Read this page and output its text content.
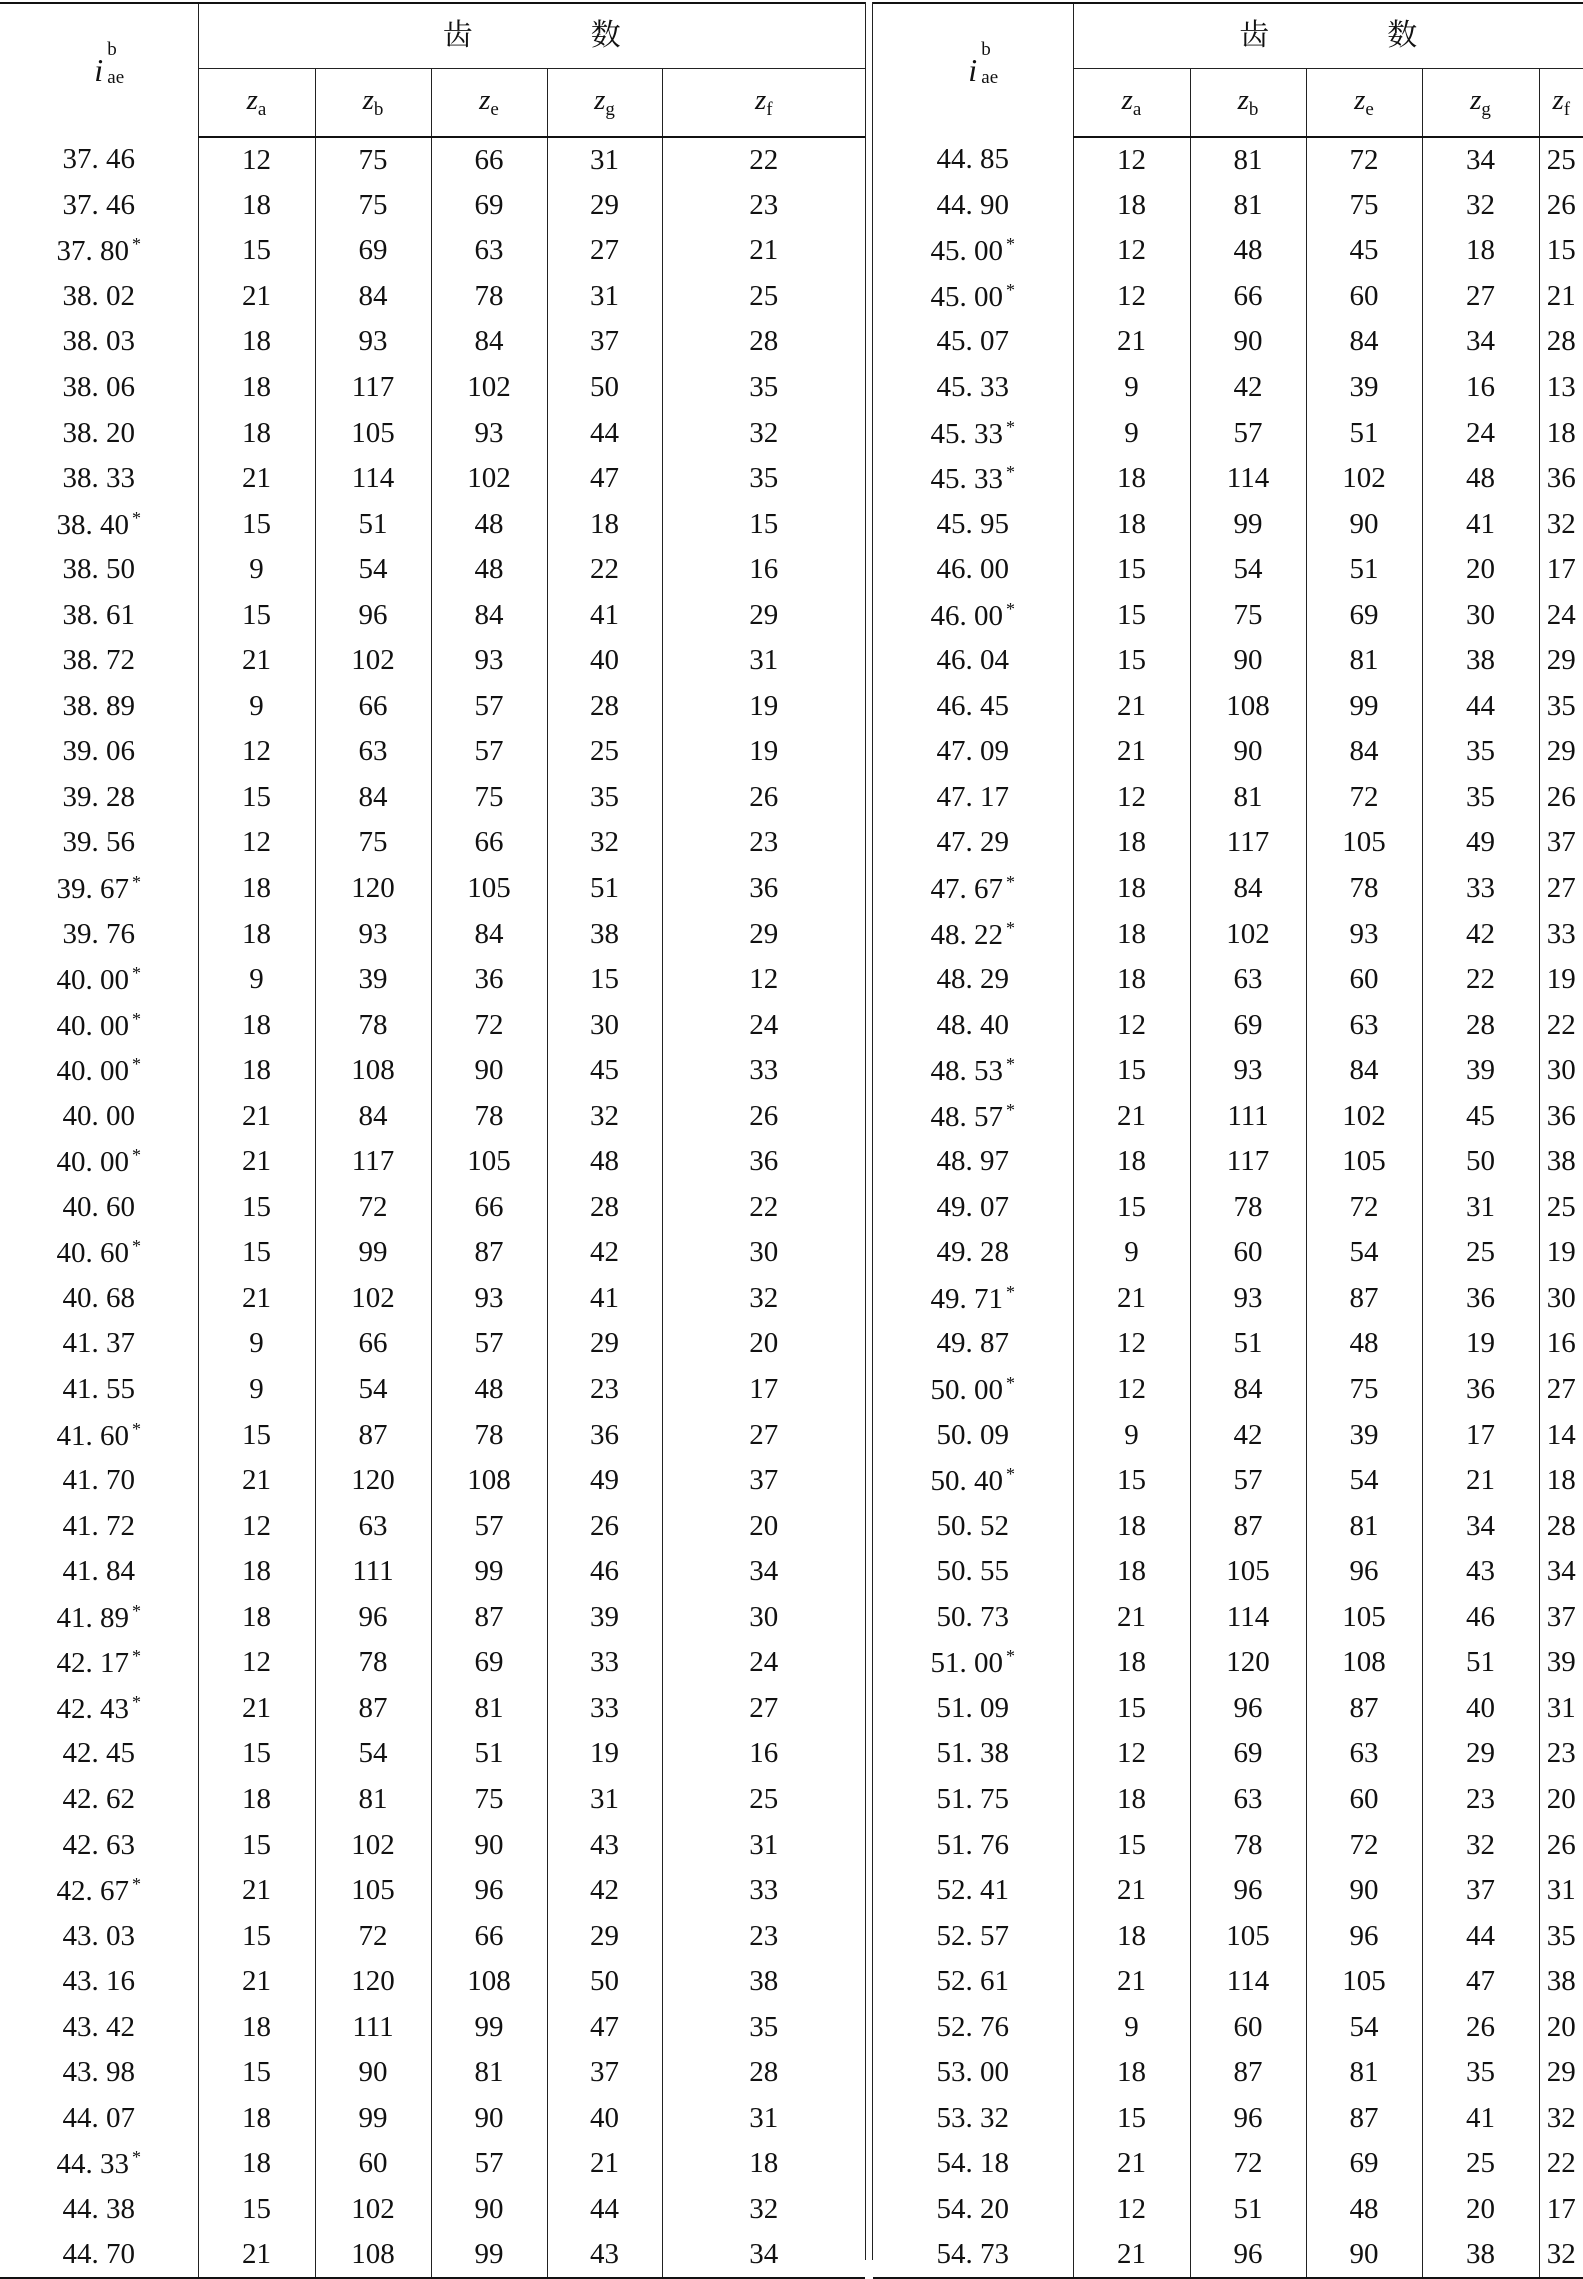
i
b
ae	齿　数				
	$z_a$	$z_b$	$z_e$	$z_g$	$z_f$
37. 46	12	75	66	31	22
37. 46	18	75	69	29	23
37. 80 *	15	69	63	27	21
38. 02	21	84	78	31	25
38. 03	18	93	84	37	28
38. 06	18	117	102	50	35
38. 20	18	105	93	44	32
38. 33	21	114	102	47	35
38. 40 *	15	51	48	18	15
38. 50	9	54	48	22	16
38. 61	15	96	84	41	29
38. 72	21	102	93	40	31
38. 89	9	66	57	28	19
39. 06	12	63	57	25	19
39. 28	15	84	75	35	26
39. 56	12	75	66	32	23
39. 67 *	18	120	105	51	36
39. 76	18	93	84	38	29
40. 00 *	9	39	36	15	12
40. 00 *	18	78	72	30	24
40. 00 *	18	108	90	45	33
40. 00	21	84	78	32	26
40. 00 *	21	117	105	48	36
40. 60	15	72	66	28	22
40. 60 *	15	99	87	42	30
40. 68	21	102	93	41	32
41. 37	9	66	57	29	20
41. 55	9	54	48	23	17
41. 60 *	15	87	78	36	27
41. 70	21	120	108	49	37
41. 72	12	63	57	26	20
41. 84	18	111	99	46	34
41. 89 *	18	96	87	39	30
42. 17 *	12	78	69	33	24
42. 43 *	21	87	81	33	27
42. 45	15	54	51	19	16
42. 62	18	81	75	31	25
42. 63	15	102	90	43	31
42. 67 *	21	105	96	42	33
43. 03	15	72	66	29	23
43. 16	21	120	108	50	38
43. 42	18	111	99	47	35
43. 98	15	90	81	37	28
44. 07	18	99	90	40	31
44. 33 *	18	60	57	21	18
44. 38	15	102	90	44	32
44. 70	21	108	99	43	34
i
b
ae	齿　数				
	$z_a$	$z_b$	$z_e$	$z_g$	$z_f$
44. 85	12	81	72	34	25
44. 90	18	81	75	32	26
45. 00 *	12	48	45	18	15
45. 00 *	12	66	60	27	21
45. 07	21	90	84	34	28
45. 33	9	42	39	16	13
45. 33 *	9	57	51	24	18
45. 33 *	18	114	102	48	36
45. 95	18	99	90	41	32
46. 00	15	54	51	20	17
46. 00 *	15	75	69	30	24
46. 04	15	90	81	38	29
46. 45	21	108	99	44	35
47. 09	21	90	84	35	29
47. 17	12	81	72	35	26
47. 29	18	117	105	49	37
47. 67 *	18	84	78	33	27
48. 22 *	18	102	93	42	33
48. 29	18	63	60	22	19
48. 40	12	69	63	28	22
48. 53 *	15	93	84	39	30
48. 57 *	21	111	102	45	36
48. 97	18	117	105	50	38
49. 07	15	78	72	31	25
49. 28	9	60	54	25	19
49. 71 *	21	93	87	36	30
49. 87	12	51	48	19	16
50. 00 *	12	84	75	36	27
50. 09	9	42	39	17	14
50. 40 *	15	57	54	21	18
50. 52	18	87	81	34	28
50. 55	18	105	96	43	34
50. 73	21	114	105	46	37
51. 00 *	18	120	108	51	39
51. 09	15	96	87	40	31
51. 38	12	69	63	29	23
51. 75	18	63	60	23	20
51. 76	15	78	72	32	26
52. 41	21	96	90	37	31
52. 57	18	105	96	44	35
52. 61	21	114	105	47	38
52. 76	9	60	54	26	20
53. 00	18	87	81	35	29
53. 32	15	96	87	41	32
54. 18	21	72	69	25	22
54. 20	12	51	48	20	17
54. 73	21	96	90	38	32
